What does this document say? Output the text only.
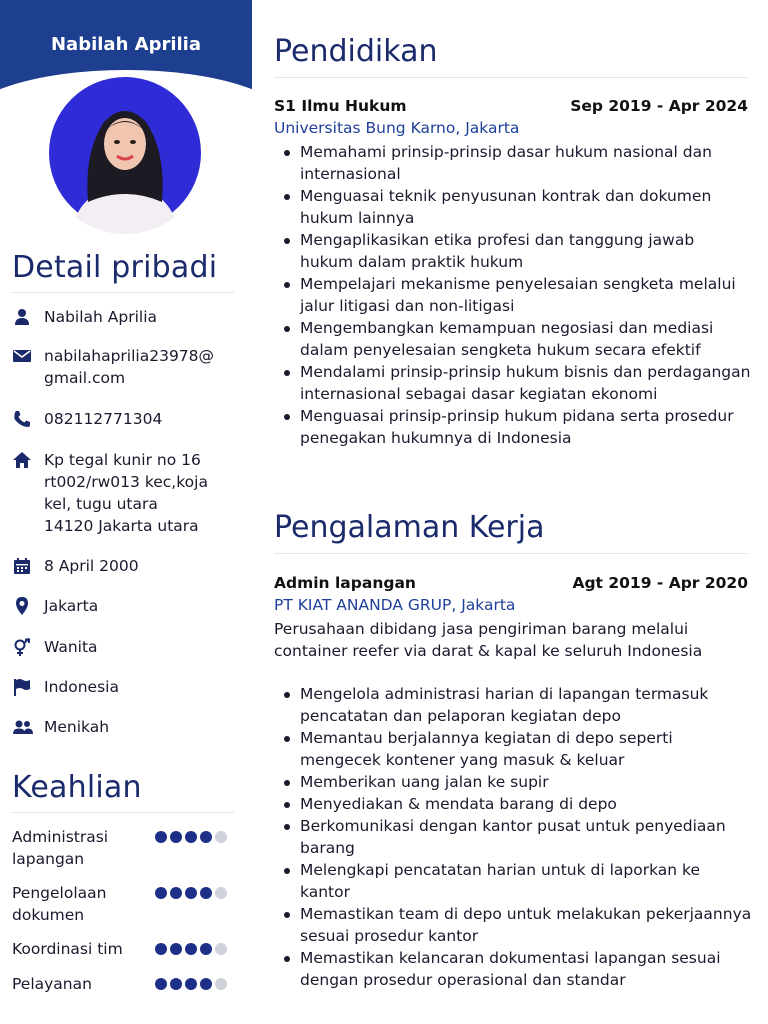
Nabilah Aprilia
Detail pribadi
Nabilah Aprilia
nabilahaprilia23978@
gmail.com
082112771304
Kp tegal kunir no 16
rt002/rw013 kec,koja
kel, tugu utara
14120 Jakarta utara
8 April 2000
Jakarta
Wanita
Indonesia
Menikah
Keahlian
Administrasi
lapangan
Pengelolaan
dokumen
Koordinasi tim
Pelayanan
Pendidikan
S1 Ilmu Hukum	Sep 2019 - Apr 2024
Universitas Bung Karno, Jakarta
Memahami prinsip-prinsip dasar hukum nasional dan internasional
Menguasai teknik penyusunan kontrak dan dokumen hukum lainnya
Mengaplikasikan etika profesi dan tanggung jawab hukum dalam praktik hukum
Mempelajari mekanisme penyelesaian sengketa melalui jalur litigasi dan non-litigasi
Mengembangkan kemampuan negosiasi dan mediasi dalam penyelesaian sengketa hukum secara efektif
Mendalami prinsip-prinsip hukum bisnis dan perdagangan internasional sebagai dasar kegiatan ekonomi
Menguasai prinsip-prinsip hukum pidana serta prosedur penegakan hukumnya di Indonesia
Pengalaman Kerja
Admin lapangan	Agt 2019 - Apr 2020
PT KIAT ANANDA GRUP, Jakarta
Perusahaan dibidang jasa pengiriman barang melalui container reefer via darat & kapal ke seluruh Indonesia
Mengelola administrasi harian di lapangan termasuk pencatatan dan pelaporan kegiatan depo
Memantau berjalannya kegiatan di depo seperti mengecek kontener yang masuk & keluar
Memberikan uang jalan ke supir
Menyediakan & mendata barang di depo
Berkomunikasi dengan kantor pusat untuk penyediaan barang
Melengkapi pencatatan harian untuk di laporkan ke kantor
Memastikan team di depo untuk melakukan pekerjaannya sesuai prosedur kantor
Memastikan kelancaran dokumentasi lapangan sesuai dengan prosedur operasional dan standar
